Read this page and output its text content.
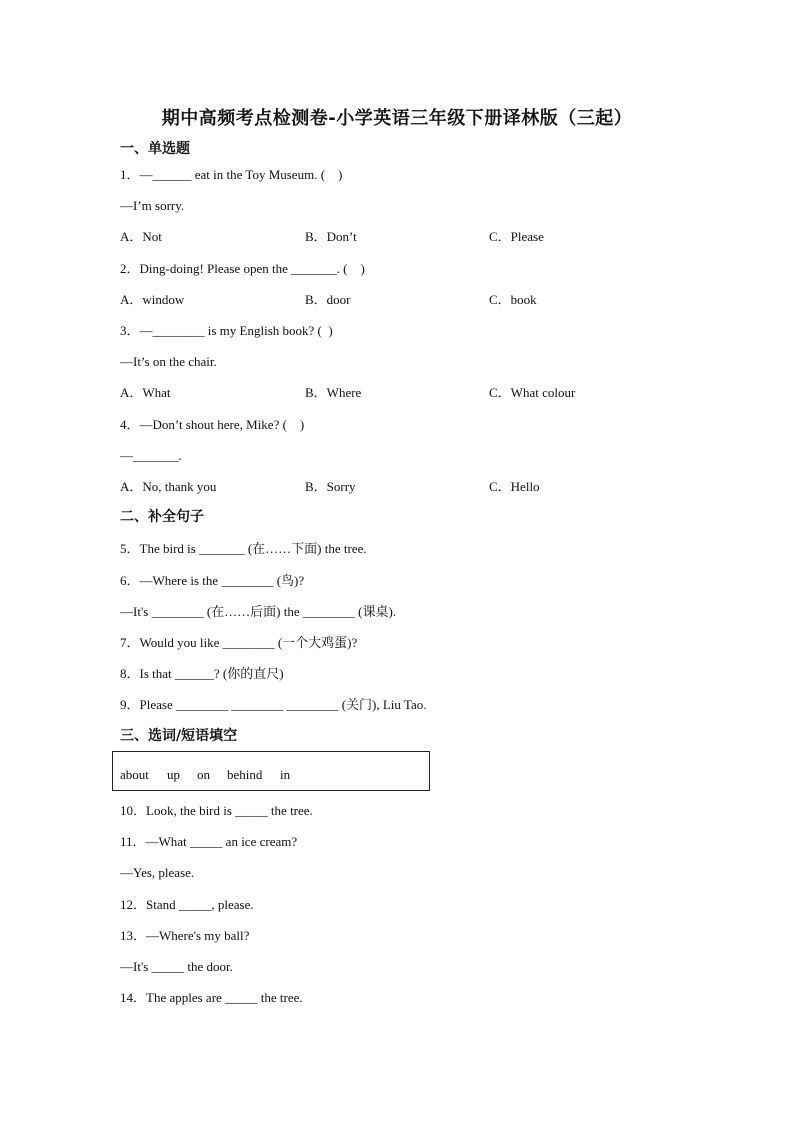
期中高频考点检测卷-小学英语三年级下册译林版（三起）
一、单选题
1．—______ eat in the Toy Museum. (    )
—I’m sorry.
A．Not	B．Don’t	C．Please
2．Ding-doing! Please open the _______. (    )
A．window	B．door	C．book
3．—________ is my English book? (  )
—It’s on the chair.
A．What	B．Where	C．What colour
4．—Don’t shout here, Mike? (    )
—_______.
A．No, thank you	B．Sorry	C．Hello
二、补全句子
5．The bird is _______ (在……下面) the tree.
6．—Where is the ________ (鸟)?
—It's ________ (在……后面) the ________ (课桌).
7．Would you like ________ (一个大鸡蛋)?
8．Is that ______? (你的直尺)
9．Please ________ ________ ________ (关门), Liu Tao.
三、选词/短语填空
about up on behind in
10．Look, the bird is _____ the tree.
11．—What _____ an ice cream?
—Yes, please.
12．Stand _____, please.
13．—Where's my ball?
—It's _____ the door.
14．The apples are _____ the tree.
